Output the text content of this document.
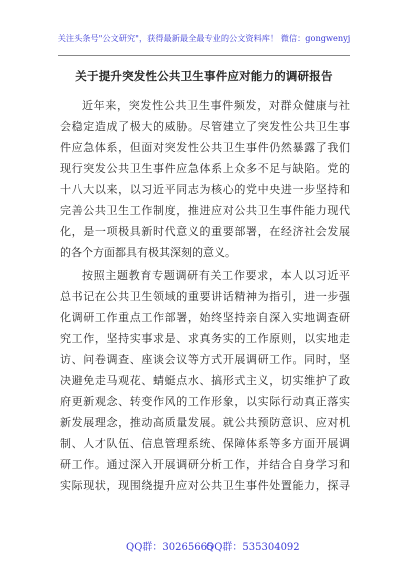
关注头条号"公文研究"，获得最新最全最专业的公文资料库！ 微信：gongwenyj
关于提升突发性公共卫生事件应对能力的调研报告
近年来，突发性公共卫生事件频发，对群众健康与社
会稳定造成了极大的威胁。尽管建立了突发性公共卫生事
件应急体系，但面对突发性公共卫生事件仍然暴露了我们
现行突发公共卫生事件应急体系上众多不足与缺陷。党的
十八大以来，以习近平同志为核心的党中央进一步坚持和
完善公共卫生工作制度，推进应对公共卫生事件能力现代
化，是一项极具新时代意义的重要部署，在经济社会发展
的各个方面都具有极其深刻的意义。
按照主题教育专题调研有关工作要求，本人以习近平
总书记在公共卫生领域的重要讲话精神为指引，进一步强
化调研工作重点工作部署，始终坚持亲自深入实地调查研
究工作，坚持实事求是、求真务实的工作原则，以实地走
访、问卷调查、座谈会议等方式开展调研工作。同时，坚
决避免走马观花、蜻蜓点水、搞形式主义，切实维护了政
府更新观念、转变作风的工作形象，以实际行动真正落实
新发展理念，推动高质量发展。就公共预防意识、应对机
制、人才队伍、信息管理系统、保障体系等多方面开展调
研工作。通过深入开展调研分析工作，并结合自身学习和
实际现状，现围绕提升应对公共卫生事件处置能力，探寻
QQ群：30265665
QQ群：535304092
